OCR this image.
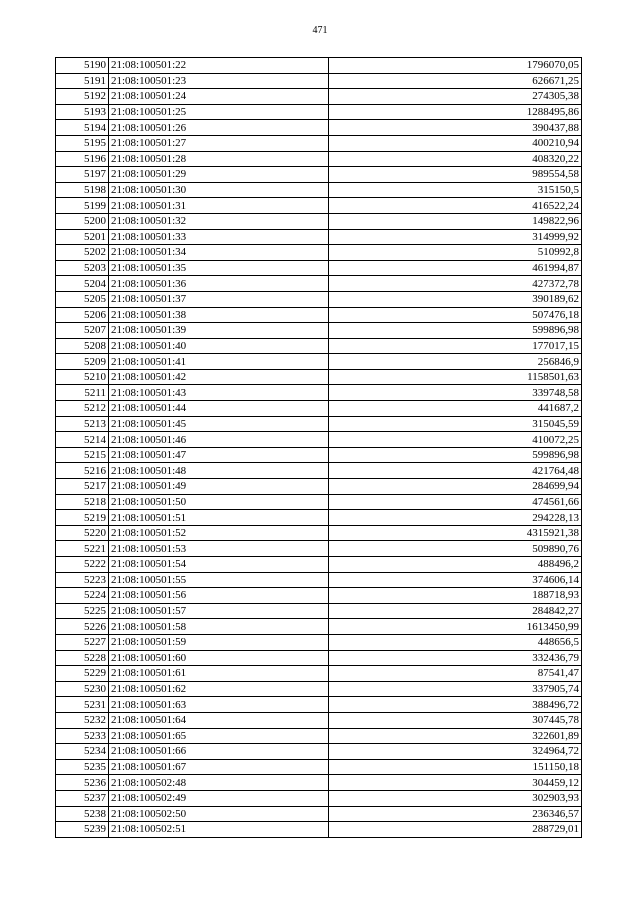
471
5190	21:08:100501:22	1796070,05
5191	21:08:100501:23	626671,25
5192	21:08:100501:24	274305,38
5193	21:08:100501:25	1288495,86
5194	21:08:100501:26	390437,88
5195	21:08:100501:27	400210,94
5196	21:08:100501:28	408320,22
5197	21:08:100501:29	989554,58
5198	21:08:100501:30	315150,5
5199	21:08:100501:31	416522,24
5200	21:08:100501:32	149822,96
5201	21:08:100501:33	314999,92
5202	21:08:100501:34	510992,8
5203	21:08:100501:35	461994,87
5204	21:08:100501:36	427372,78
5205	21:08:100501:37	390189,62
5206	21:08:100501:38	507476,18
5207	21:08:100501:39	599896,98
5208	21:08:100501:40	177017,15
5209	21:08:100501:41	256846,9
5210	21:08:100501:42	1158501,63
5211	21:08:100501:43	339748,58
5212	21:08:100501:44	441687,2
5213	21:08:100501:45	315045,59
5214	21:08:100501:46	410072,25
5215	21:08:100501:47	599896,98
5216	21:08:100501:48	421764,48
5217	21:08:100501:49	284699,94
5218	21:08:100501:50	474561,66
5219	21:08:100501:51	294228,13
5220	21:08:100501:52	4315921,38
5221	21:08:100501:53	509890,76
5222	21:08:100501:54	488496,2
5223	21:08:100501:55	374606,14
5224	21:08:100501:56	188718,93
5225	21:08:100501:57	284842,27
5226	21:08:100501:58	1613450,99
5227	21:08:100501:59	448656,5
5228	21:08:100501:60	332436,79
5229	21:08:100501:61	87541,47
5230	21:08:100501:62	337905,74
5231	21:08:100501:63	388496,72
5232	21:08:100501:64	307445,78
5233	21:08:100501:65	322601,89
5234	21:08:100501:66	324964,72
5235	21:08:100501:67	151150,18
5236	21:08:100502:48	304459,12
5237	21:08:100502:49	302903,93
5238	21:08:100502:50	236346,57
5239	21:08:100502:51	288729,01
